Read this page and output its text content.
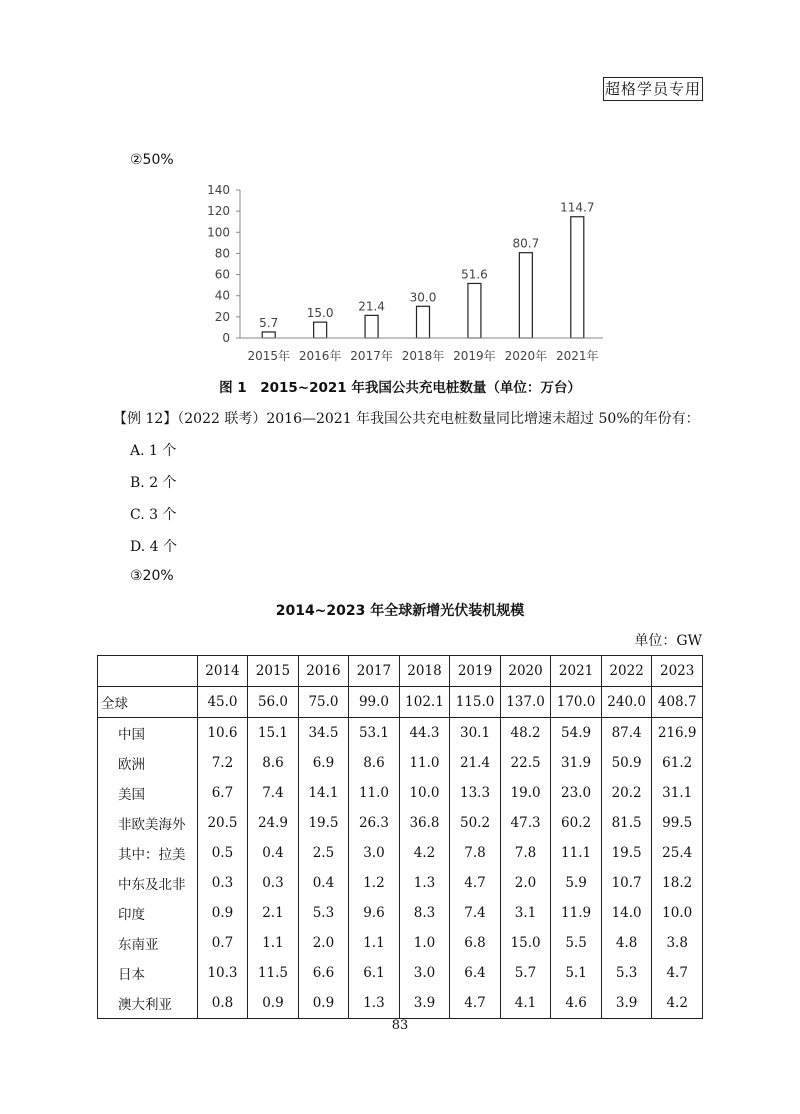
超格学员专用
②50%
0
20
40
60
80
100
120
140
5.7
15.0 21.4
30.0
51.6
80.7
114.7
2015年 2016年 2017年 2018年 2019年 2020年 2021年
图 1　2015~2021 年我国公共充电桩数量（单位：万台）
【例 12】（2022 联考）2016—2021 年我国公共充电桩数量同比增速未超过 50%的年份有：
A. 1 个
B. 2 个
C. 3 个
D. 4 个
③20%
2014~2023 年全球新增光伏装机规模
单位：GW
	2014	2015	2016	2017	2018	2019	2020	2021	2022	2023
全球	45.0	56.0	75.0	99.0	102.1	115.0	137.0	170.0	240.0	408.7
中国	10.6	15.1	34.5	53.1	44.3	30.1	48.2	54.9	87.4	216.9
欧洲	7.2	8.6	6.9	8.6	11.0	21.4	22.5	31.9	50.9	61.2
美国	6.7	7.4	14.1	11.0	10.0	13.3	19.0	23.0	20.2	31.1
非欧美海外	20.5	24.9	19.5	26.3	36.8	50.2	47.3	60.2	81.5	99.5
其中：拉美	0.5	0.4	2.5	3.0	4.2	7.8	7.8	11.1	19.5	25.4
中东及北非	0.3	0.3	0.4	1.2	1.3	4.7	2.0	5.9	10.7	18.2
印度	0.9	2.1	5.3	9.6	8.3	7.4	3.1	11.9	14.0	10.0
东南亚	0.7	1.1	2.0	1.1	1.0	6.8	15.0	5.5	4.8	3.8
日本	10.3	11.5	6.6	6.1	3.0	6.4	5.7	5.1	5.3	4.7
澳大利亚	0.8	0.9	0.9	1.3	3.9	4.7	4.1	4.6	3.9	4.2
83
